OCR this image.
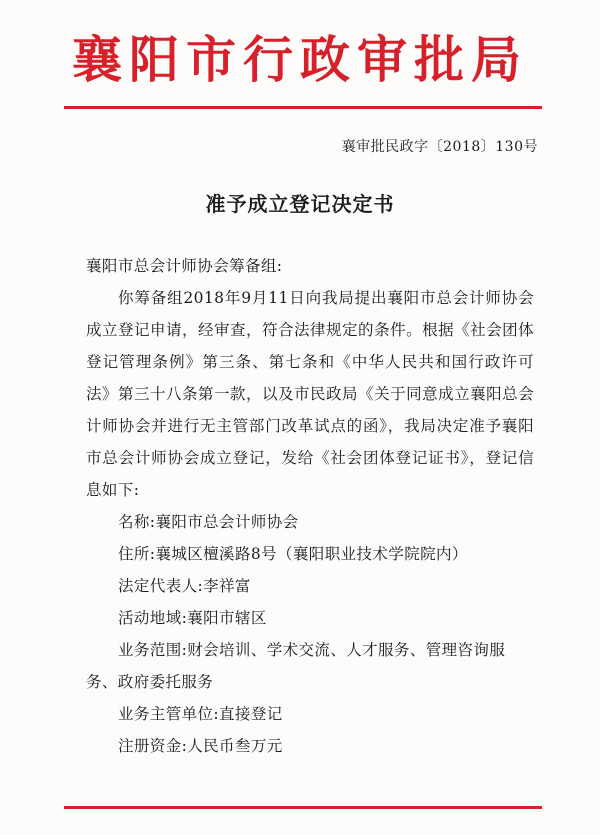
襄阳市行政审批局
襄审批民政字〔2018〕130号
准予成立登记决定书

襄阳市总会计师协会筹备组:

你筹备组2018年9月11日向我局提出襄阳市总会计师协会成立登记申请，经审查，符合法律规定的条件。根据《社会团体登记管理条例》第三条、第七条和《中华人民共和国行政许可法》第三十八条第一款，以及市民政局《关于同意成立襄阳总会计师协会并进行无主管部门改革试点的函》，我局决定准予襄阳市总会计师协会成立登记，发给《社会团体登记证书》，登记信息如下:

名称:襄阳市总会计师协会

住所:襄城区檀溪路8号（襄阳职业技术学院院内）

法定代表人:李祥富

活动地域:襄阳市辖区

业务范围:财会培训、学术交流、人才服务、管理咨询服务、政府委托服务

业务主管单位:直接登记

注册资金:人民币叁万元
